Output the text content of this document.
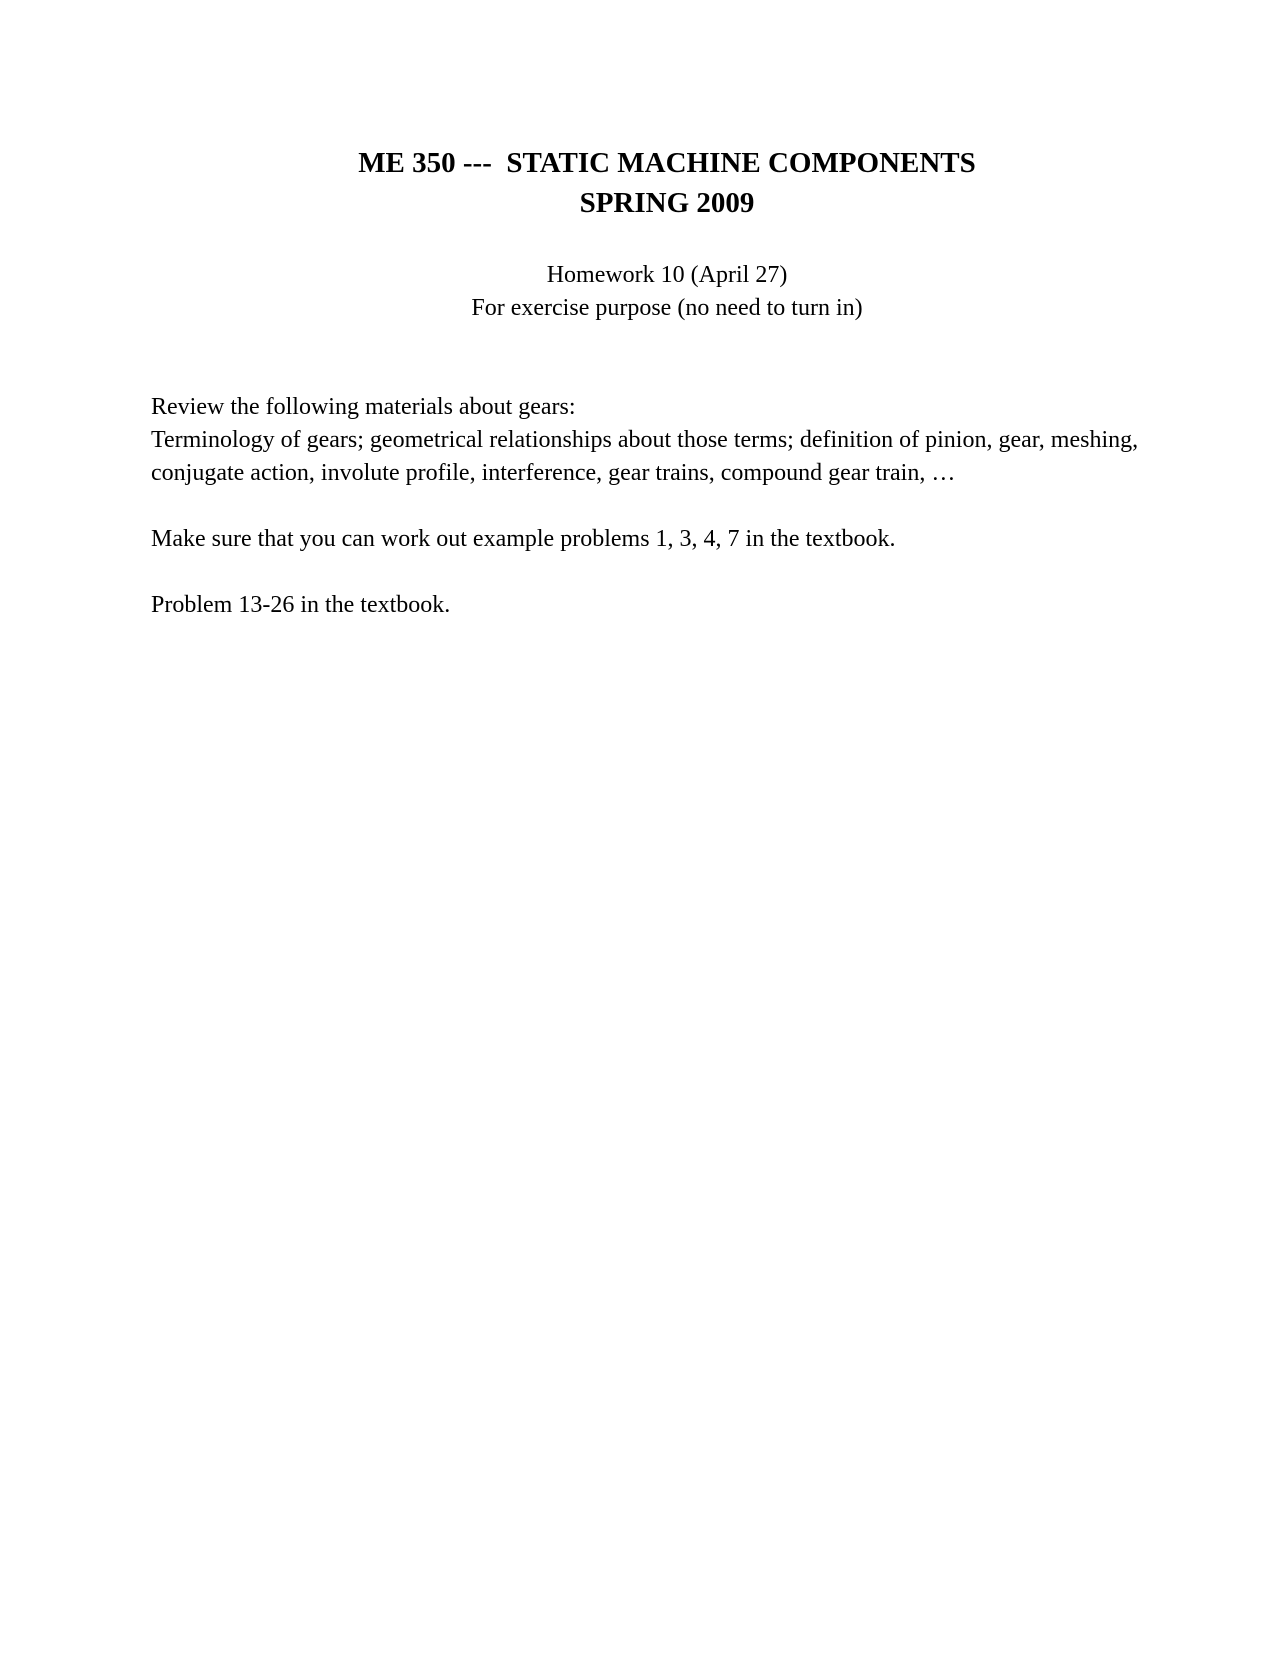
ME 350 ---  STATIC MACHINE COMPONENTS
SPRING 2009
Homework 10 (April 27)
For exercise purpose (no need to turn in)

Review the following materials about gears:

Terminology of gears; geometrical relationships about those terms; definition of pinion, gear, meshing, conjugate action, involute profile, interference, gear trains, compound gear train, …

Make sure that you can work out example problems 1, 3, 4, 7 in the textbook.

Problem 13-26 in the textbook.
